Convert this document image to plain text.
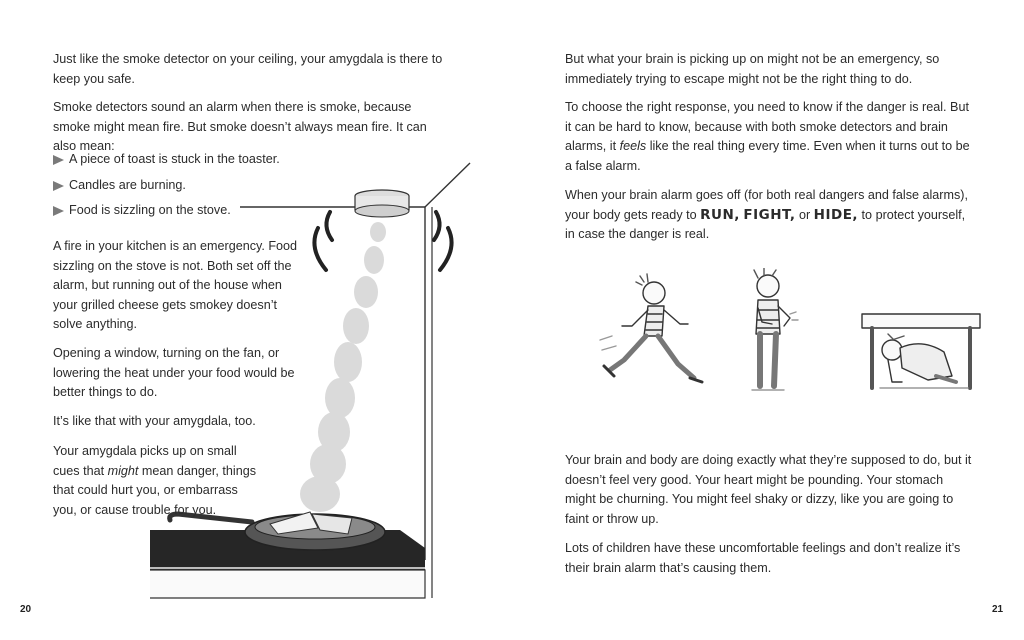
Just like the smoke detector on your ceiling, your amygdala is there to keep you safe.

Smoke detectors sound an alarm when there is smoke, because smoke might mean fire. But smoke doesn’t always mean fire. It can also mean:

A piece of toast is stuck in the toaster.
Candles are burning.
Food is sizzling on the stove.

A fire in your kitchen is an emergency. Food sizzling on the stove is not. Both set off the alarm, but running out of the house when your grilled cheese gets smokey doesn’t solve anything.

Opening a window, turning on the fan, or lowering the heat under your food would be better things to do.

It’s like that with your amygdala, too.

Your amygdala picks up on small cues that might mean danger, things that could hurt you, or embarrass you, or cause trouble for you.

20

But what your brain is picking up on might not be an emergency, so immediately trying to escape might not be the right thing to do.

To choose the right response, you need to know if the danger is real. But it can be hard to know, because with both smoke detectors and brain alarms, it feels like the real thing every time. Even when it turns out to be a false alarm.

When your brain alarm goes off (for both real dangers and false alarms), your body gets ready to RUN, FIGHT, or HIDE, to protect yourself, in case the danger is real.

Your brain and body are doing exactly what they’re supposed to do, but it doesn’t feel very good. Your heart might be pounding. Your stomach might be churning. You might feel shaky or dizzy, like you are going to faint or throw up.

Lots of children have these uncomfortable feelings and don’t realize it’s their brain alarm that’s causing them.

21
